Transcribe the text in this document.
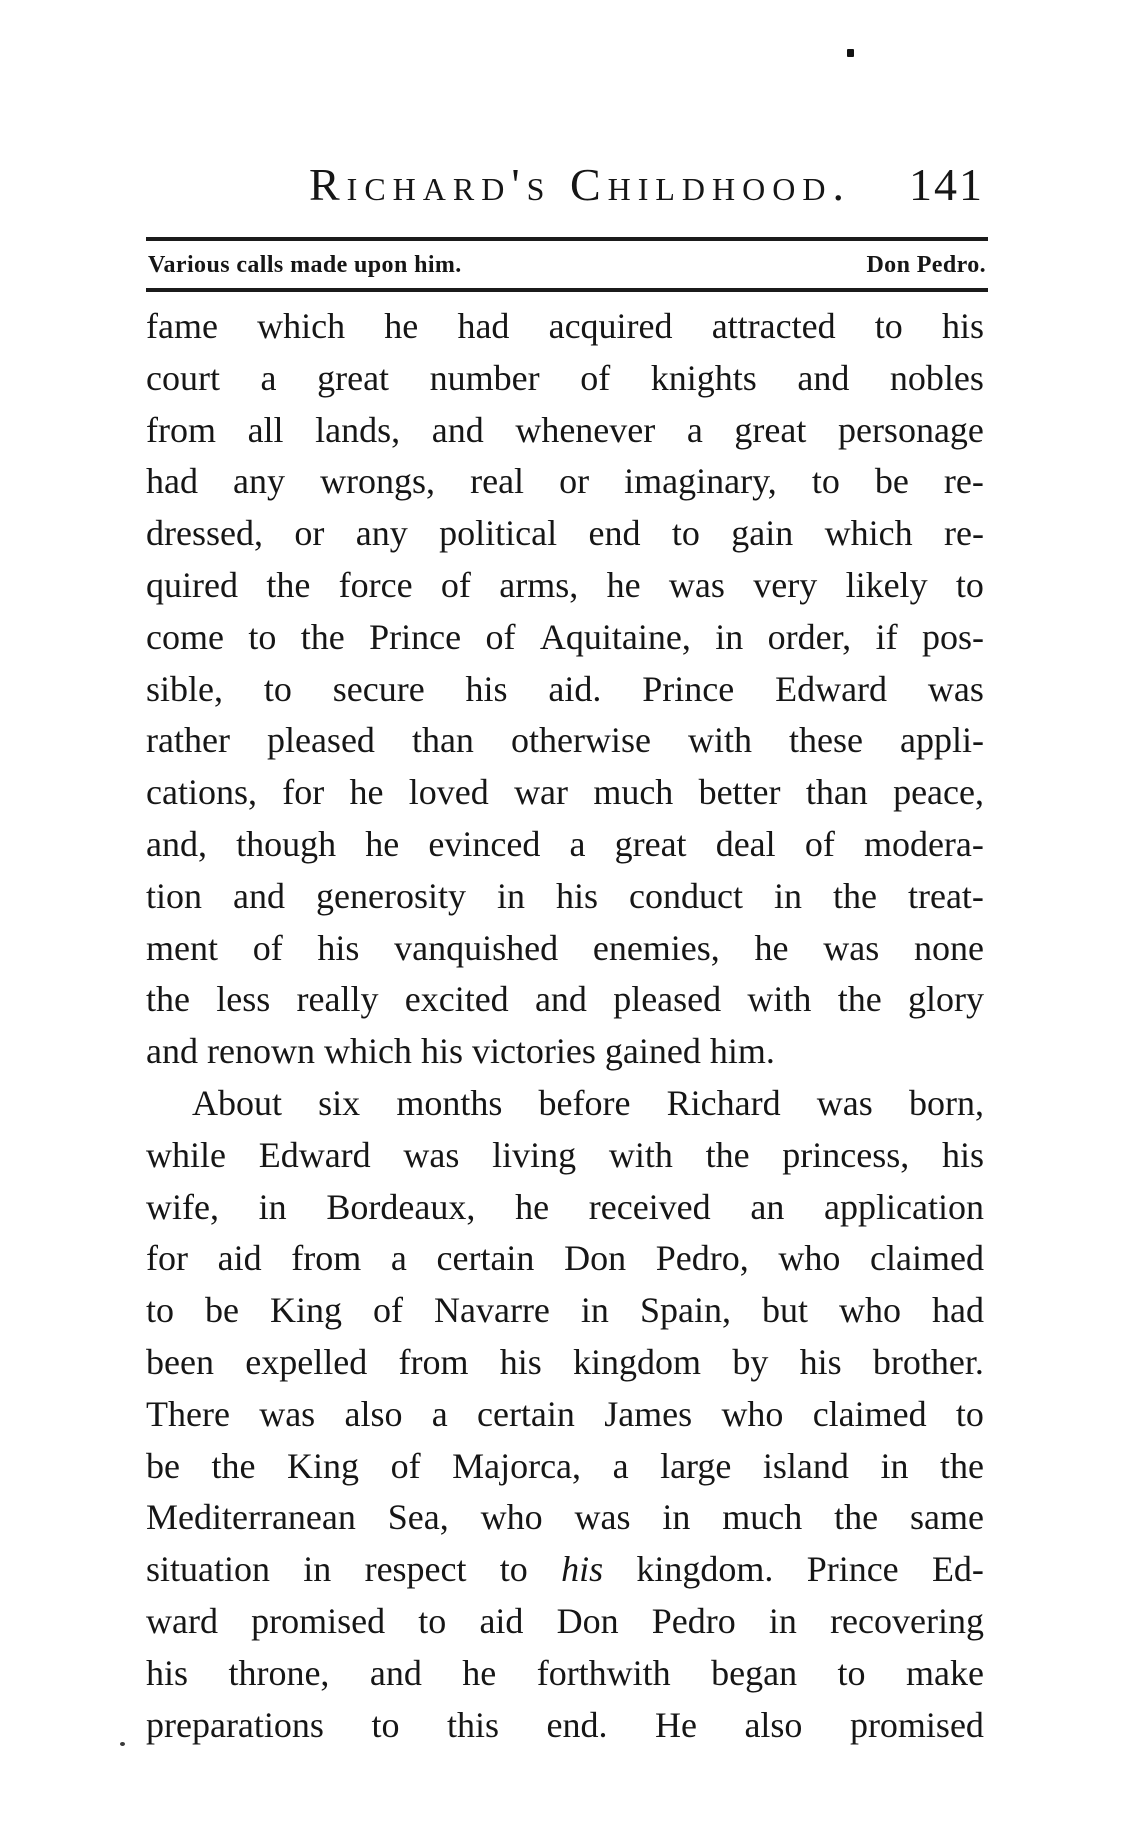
Richard's Childhood.	141
Various calls made upon him.	Don Pedro.
fame which he had acquired attracted to his
court a great number of knights and nobles
from all lands, and whenever a great personage
had any wrongs, real or imaginary, to be re-
dressed, or any political end to gain which re-
quired the force of arms, he was very likely to
come to the Prince of Aquitaine, in order, if pos-
sible, to secure his aid. Prince Edward was
rather pleased than otherwise with these appli-
cations, for he loved war much better than peace,
and, though he evinced a great deal of modera-
tion and generosity in his conduct in the treat-
ment of his vanquished enemies, he was none
the less really excited and pleased with the glory
and renown which his victories gained him.
About six months before Richard was born,
while Edward was living with the princess, his
wife, in Bordeaux, he received an application
for aid from a certain Don Pedro, who claimed
to be King of Navarre in Spain, but who had
been expelled from his kingdom by his brother.
There was also a certain James who claimed to
be the King of Majorca, a large island in the
Mediterranean Sea, who was in much the same
situation in respect to his kingdom. Prince Ed-
ward promised to aid Don Pedro in recovering
his throne, and he forthwith began to make
preparations to this end. He also promised
